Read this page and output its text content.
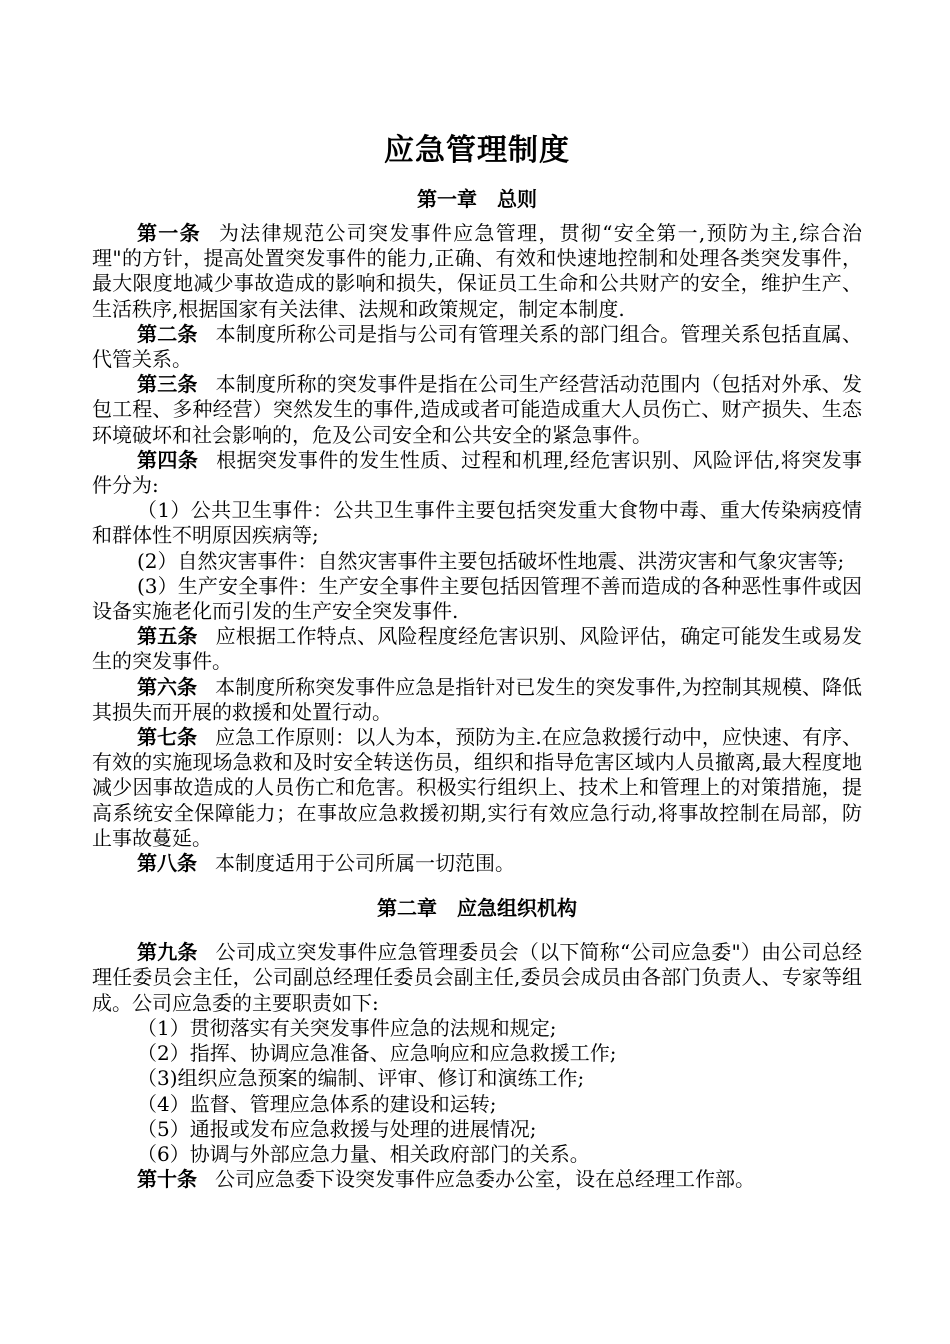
应急管理制度
第一章 总则

第一条 为法律规范公司突发事件应急管理，贯彻“安全第一,预防为主,综合治理"的方针，提高处置突发事件的能力,正确、有效和快速地控制和处理各类突发事件，最大限度地减少事故造成的影响和损失，保证员工生命和公共财产的安全，维护生产、生活秩序,根据国家有关法律、法规和政策规定，制定本制度.

第二条 本制度所称公司是指与公司有管理关系的部门组合。管理关系包括直属、代管关系。

第三条 本制度所称的突发事件是指在公司生产经营活动范围内（包括对外承、发包工程、多种经营）突然发生的事件,造成或者可能造成重大人员伤亡、财产损失、生态环境破坏和社会影响的，危及公司安全和公共安全的紧急事件。

第四条 根据突发事件的发生性质、过程和机理,经危害识别、风险评估,将突发事件分为:

（1）公共卫生事件：公共卫生事件主要包括突发重大食物中毒、重大传染病疫情和群体性不明原因疾病等;

(2）自然灾害事件：自然灾害事件主要包括破坏性地震、洪涝灾害和气象灾害等;

(3）生产安全事件：生产安全事件主要包括因管理不善而造成的各种恶性事件或因设备实施老化而引发的生产安全突发事件.

第五条 应根据工作特点、风险程度经危害识别、风险评估，确定可能发生或易发生的突发事件。

第六条 本制度所称突发事件应急是指针对已发生的突发事件,为控制其规模、降低其损失而开展的救援和处置行动。

第七条 应急工作原则：以人为本，预防为主.在应急救援行动中，应快速、有序、有效的实施现场急救和及时安全转送伤员，组织和指导危害区域内人员撤离,最大程度地减少因事故造成的人员伤亡和危害。积极实行组织上、技术上和管理上的对策措施，提高系统安全保障能力；在事故应急救援初期,实行有效应急行动,将事故控制在局部，防止事故蔓延。

第八条 本制度适用于公司所属一切范围。

第二章 应急组织机构

第九条 公司成立突发事件应急管理委员会（以下简称“公司应急委"）由公司总经理任委员会主任，公司副总经理任委员会副主任,委员会成员由各部门负责人、专家等组成。公司应急委的主要职责如下:

（1）贯彻落实有关突发事件应急的法规和规定;

（2）指挥、协调应急准备、应急响应和应急救援工作;

（3)组织应急预案的编制、评审、修订和演练工作;

（4）监督、管理应急体系的建设和运转;

（5）通报或发布应急救援与处理的进展情况;

（6）协调与外部应急力量、相关政府部门的关系。

第十条 公司应急委下设突发事件应急委办公室，设在总经理工作部。
